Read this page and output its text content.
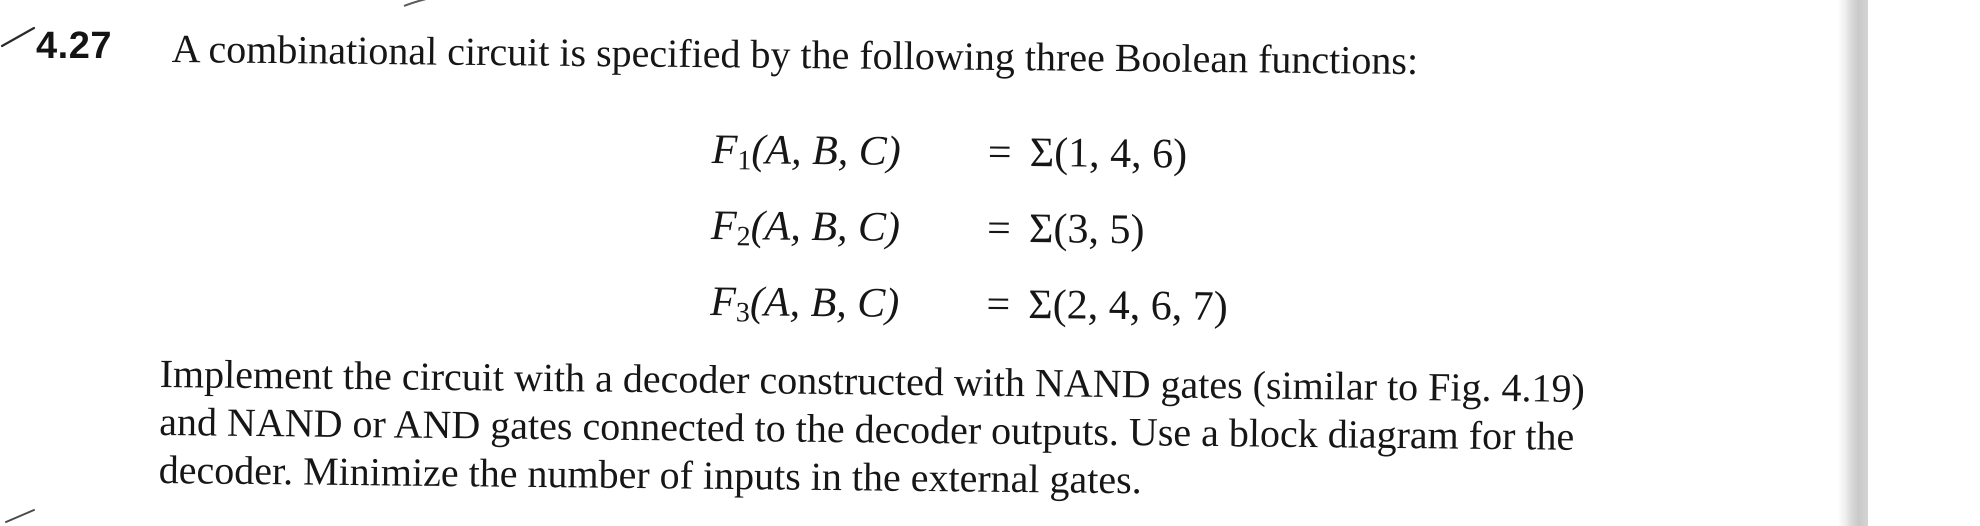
4.27 A combinational circuit is specified by the following three Boolean functions:
$F_1(A$, B, C)	= Σ(1, 4, 6)
$F_2(A$, B, C)	= Σ(3, 5)
$F_3(A$, B, C)	= Σ(2, 4, 6, 7)
Implement the circuit with a decoder constructed with NAND gates (similar to Fig. 4.19)
and NAND or AND gates connected to the decoder outputs. Use a block diagram for the
decoder. Minimize the number of inputs in the external gates.
